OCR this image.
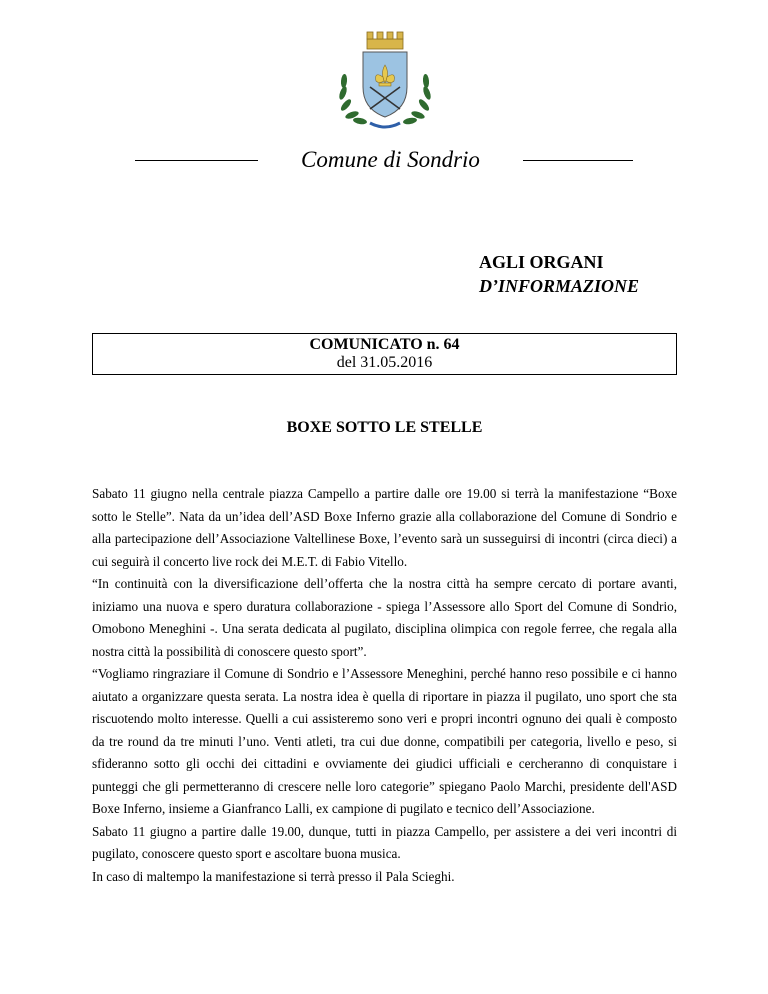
Comune di Sondrio
AGLI ORGANI
D’INFORMAZIONE
COMUNICATO n. 64
del 31.05.2016
BOXE SOTTO LE STELLE

Sabato 11 giugno nella centrale piazza Campello a partire dalle ore 19.00 si terrà la manifestazione “Boxe sotto le Stelle”. Nata da un’idea dell’ASD Boxe Inferno grazie alla collaborazione del Comune di Sondrio e alla partecipazione dell’Associazione Valtellinese Boxe, l’evento sarà un susseguirsi di incontri (circa dieci) a cui seguirà il concerto live rock dei M.E.T. di Fabio Vitello.

“In continuità con la diversificazione dell’offerta che la nostra città ha sempre cercato di portare avanti, iniziamo una nuova e spero duratura collaborazione - spiega l’Assessore allo Sport del Comune di Sondrio, Omobono Meneghini -. Una serata dedicata al pugilato, disciplina olimpica con regole ferree, che regala alla nostra città la possibilità di conoscere questo sport”.

“Vogliamo ringraziare il Comune di Sondrio e l’Assessore Meneghini, perché hanno reso possibile e ci hanno aiutato a organizzare questa serata. La nostra idea è quella di riportare in piazza il pugilato, uno sport che sta riscuotendo molto interesse. Quelli a cui assisteremo sono veri e propri incontri ognuno dei quali è composto da tre round da tre minuti l’uno. Venti atleti, tra cui due donne, compatibili per categoria, livello e peso, si sfideranno sotto gli occhi dei cittadini e ovviamente dei giudici ufficiali e cercheranno di conquistare i punteggi che gli permetteranno di crescere nelle loro categorie” spiegano Paolo Marchi, presidente dell'ASD Boxe Inferno, insieme a Gianfranco Lalli, ex campione di pugilato e tecnico dell’Associazione.

Sabato 11 giugno a partire dalle 19.00, dunque, tutti in piazza Campello, per assistere a dei veri incontri di pugilato, conoscere questo sport e ascoltare buona musica.

In caso di maltempo la manifestazione si terrà presso il Pala Scieghi.
